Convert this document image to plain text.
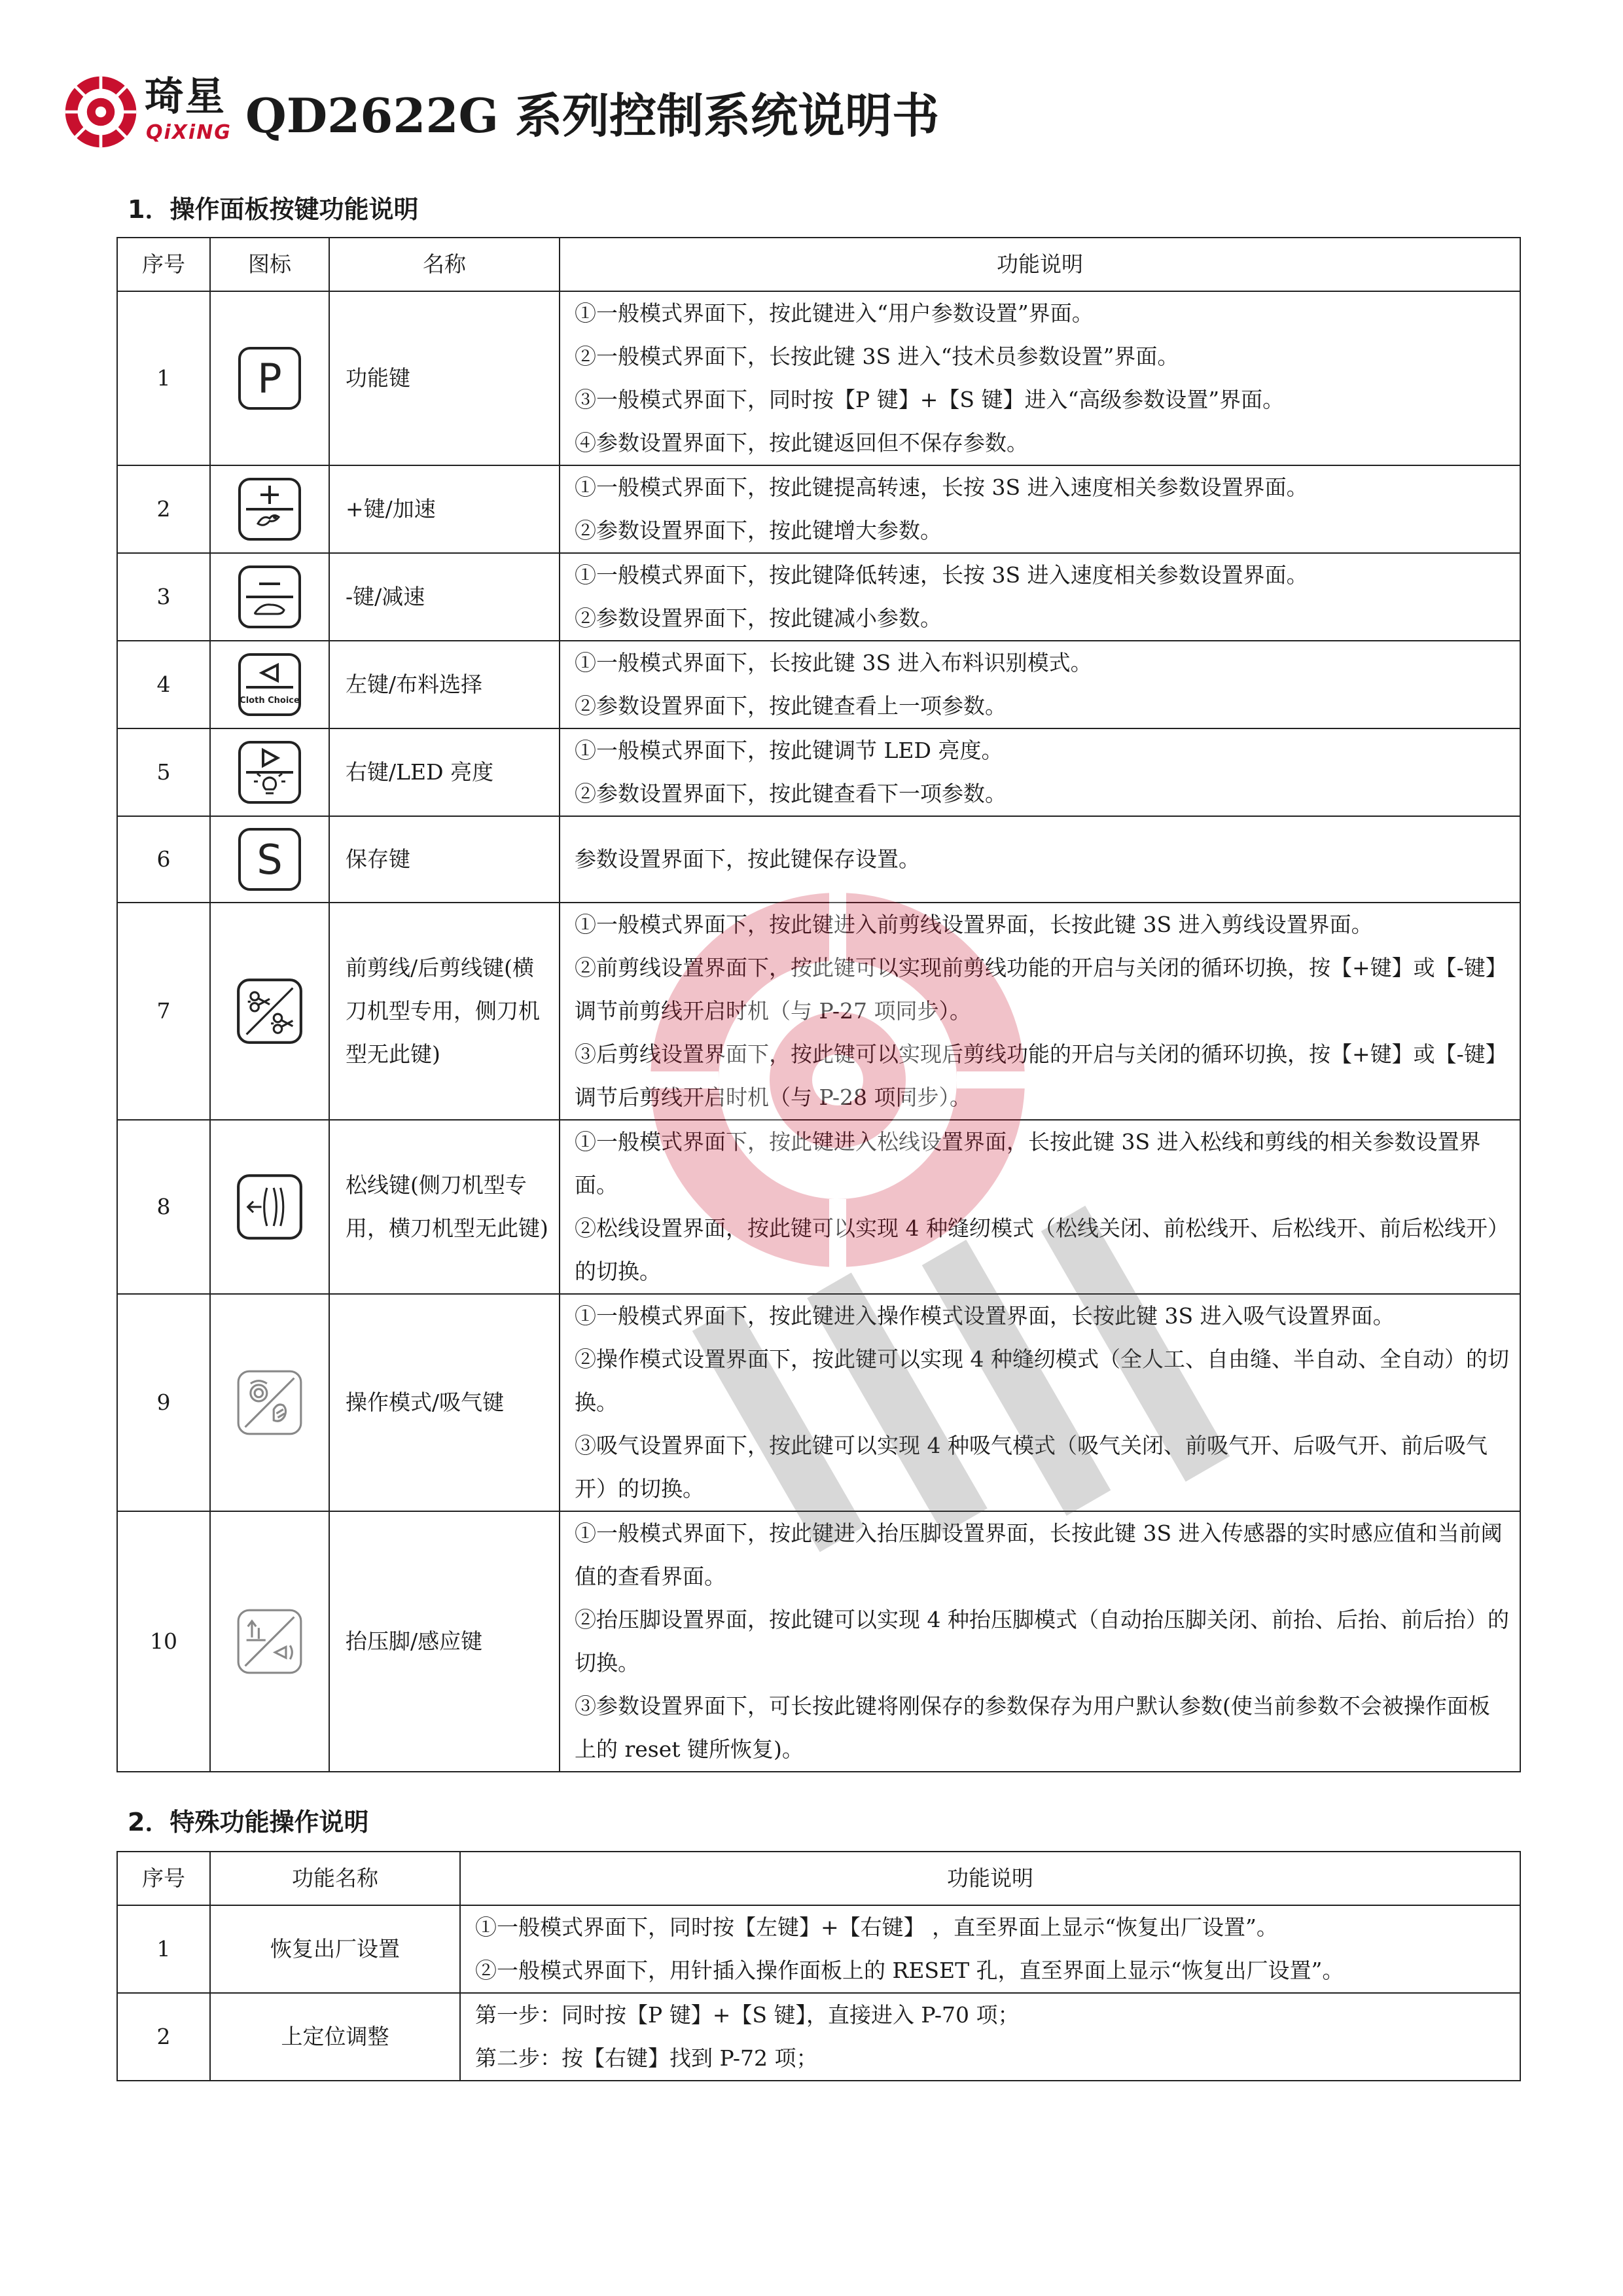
琦星
QiXiNG QD2622G 系列控制系统说明书
1．操作面板按键功能说明
序号	图标	名称	功能说明
1	P	功能键	①一般模式界面下，按此键进入“用户参数设置”界面。
②一般模式界面下，长按此键 3S 进入“技术员参数设置”界面。
③一般模式界面下，同时按【P 键】+【S 键】进入“高级参数设置”界面。
④参数设置界面下，按此键返回但不保存参数。

2		+键/加速	①一般模式界面下，按此键提高转速，长按 3S 进入速度相关参数设置界面。
②参数设置界面下，按此键增大参数。

3		-键/减速	①一般模式界面下，按此键降低转速，长按 3S 进入速度相关参数设置界面。
②参数设置界面下，按此键减小参数。

4	Cloth Choice	左键/布料选择	①一般模式界面下，长按此键 3S 进入布料识别模式。
②参数设置界面下，按此键查看上一项参数。

5		右键/LED 亮度	①一般模式界面下，按此键调节 LED 亮度。
②参数设置界面下，按此键查看下一项参数。

6	S	保存键	参数设置界面下，按此键保存设置。

7		前剪线/后剪线键(横刀机型专用，侧刀机型无此键)	①一般模式界面下，按此键进入前剪线设置界面，长按此键 3S 进入剪线设置界面。
②前剪线设置界面下，按此键可以实现前剪线功能的开启与关闭的循环切换，按【+键】或【-键】调节前剪线开启时机（与 P-27 项同步）。
③后剪线设置界面下，按此键可以实现后剪线功能的开启与关闭的循环切换，按【+键】或【-键】调节后剪线开启时机（与 P-28 项同步）。

8		松线键(侧刀机型专用，横刀机型无此键)	①一般模式界面下，按此键进入松线设置界面，长按此键 3S 进入松线和剪线的相关参数设置界面。
②松线设置界面，按此键可以实现 4 种缝纫模式（松线关闭、前松线开、后松线开、前后松线开）的切换。

9		操作模式/吸气键	①一般模式界面下，按此键进入操作模式设置界面，长按此键 3S 进入吸气设置界面。
②操作模式设置界面下，按此键可以实现 4 种缝纫模式（全人工、自由缝、半自动、全自动）的切换。
③吸气设置界面下，按此键可以实现 4 种吸气模式（吸气关闭、前吸气开、后吸气开、前后吸气开）的切换。

10		抬压脚/感应键	①一般模式界面下，按此键进入抬压脚设置界面，长按此键 3S 进入传感器的实时感应值和当前阈值的查看界面。
②抬压脚设置界面，按此键可以实现 4 种抬压脚模式（自动抬压脚关闭、前抬、后抬、前后抬）的切换。
③参数设置界面下，可长按此键将刚保存的参数保存为用户默认参数(使当前参数不会被操作面板上的 reset 键所恢复)。
2．特殊功能操作说明
序号	功能名称	功能说明
1	恢复出厂设置	①一般模式界面下，同时按【左键】+【右键】 ，直至界面上显示“恢复出厂设置”。
②一般模式界面下，用针插入操作面板上的 RESET 孔，直至界面上显示“恢复出厂设置”。

2	上定位调整	第一步：同时按【P 键】+【S 键】，直接进入 P-70 项；
第二步：按【右键】找到 P-72 项；
